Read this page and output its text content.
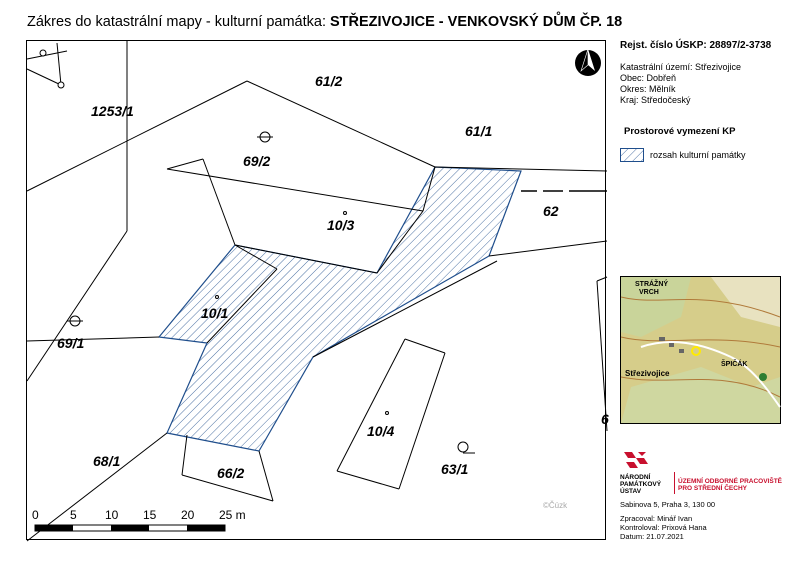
Zákres do katastrální mapy - kulturní památka: STŘEZIVOJICE - VENKOVSKÝ DŮM ČP. 18
1253/1
61/2
61/1
69/2
10/3
62
10/1
69/1
10/4
68/1
66/2	63/1
6
©Čúzk
0	5 10 15 20 25 m
Rejst. číslo ÚSKP: 28897/2-3738
Katastrální území: Střezivojice
Obec: Dobřeň
Okres: Mělník
Kraj: Středočeský
Prostorové vymezení KP
rozsah kulturní památky
STRÁŽNÝ
VRCH
Střezivojice
ŠPIČÁK
NÁRODNÍ
PAMÁTKOVÝ
ÚSTAV
ÚZEMNÍ ODBORNÉ PRACOVIŠTĚ
PRO STŘEDNÍ ČECHY
Sabinova 5, Praha 3, 130 00
Zpracoval: Minář Ivan
Kontroloval: Prixová Hana
Datum: 21.07.2021
